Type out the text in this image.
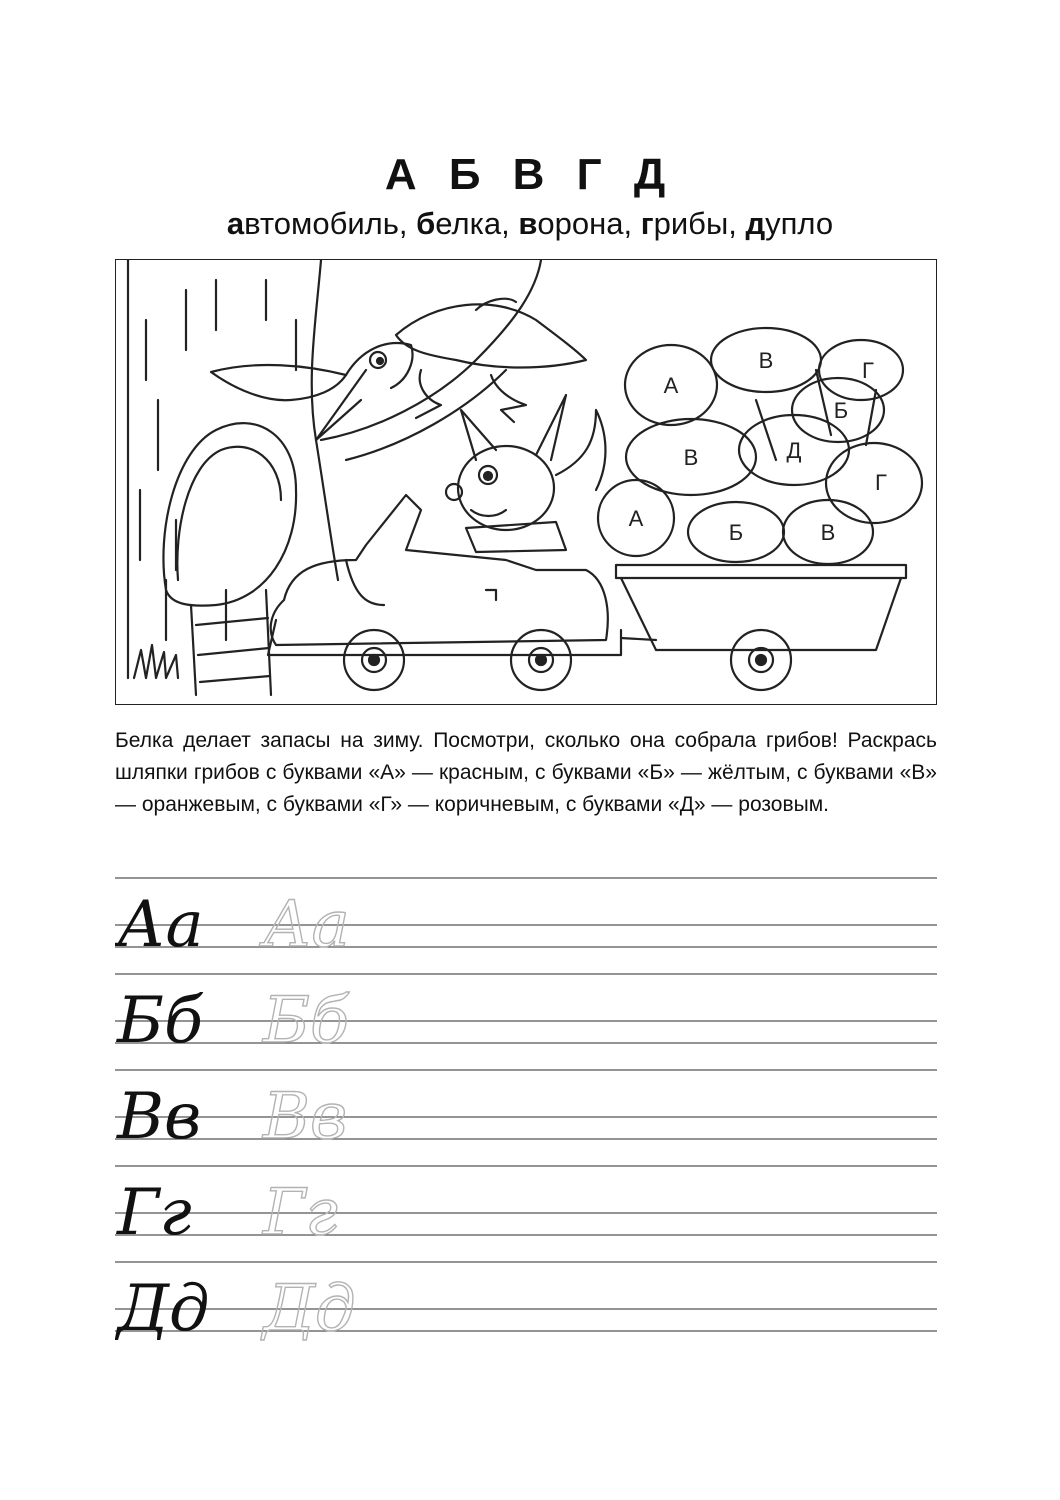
А Б В Г Д
автомобиль, белка, ворона, грибы, дупло
А
В	Г
Б
В	Д
Г
А
Б	В
Белка делает запасы на зиму. Посмотри, сколько она собрала грибов! Раскрась шляпки грибов с буквами «А» — красным, с буквами «Б» — жёлтым, с буквами «В» — оранжевым, с буквами «Г» — коричневым, с буквами «Д» — розовым.
Аа Аа
Бб Бб
Вв Вв
Гг Гг
Дд Дд
